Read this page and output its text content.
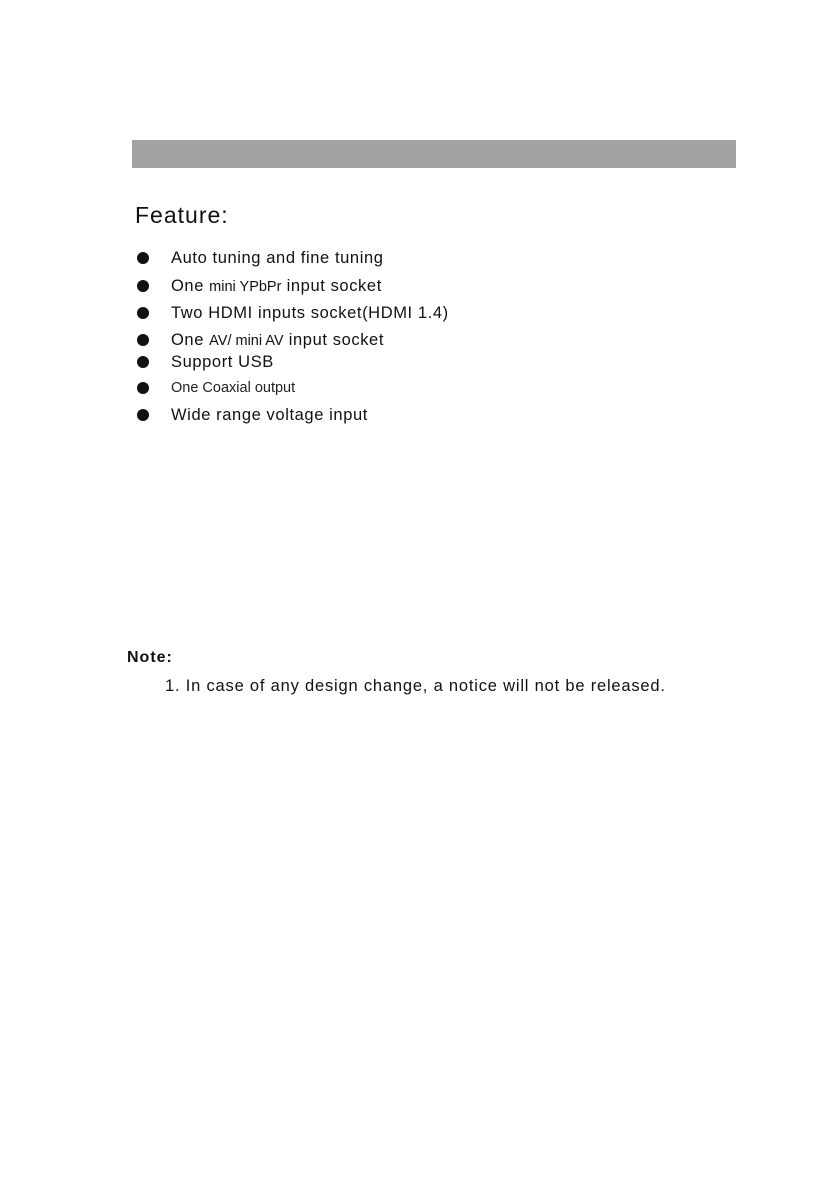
Feature:
Auto tuning and fine tuning
One mini YPbPr input socket
Two HDMI inputs socket(HDMI 1.4)
One AV/ mini AV input socket
Support USB
One Coaxial output
Wide range voltage input
Note:
1. In case of any design change, a notice will not be released.
